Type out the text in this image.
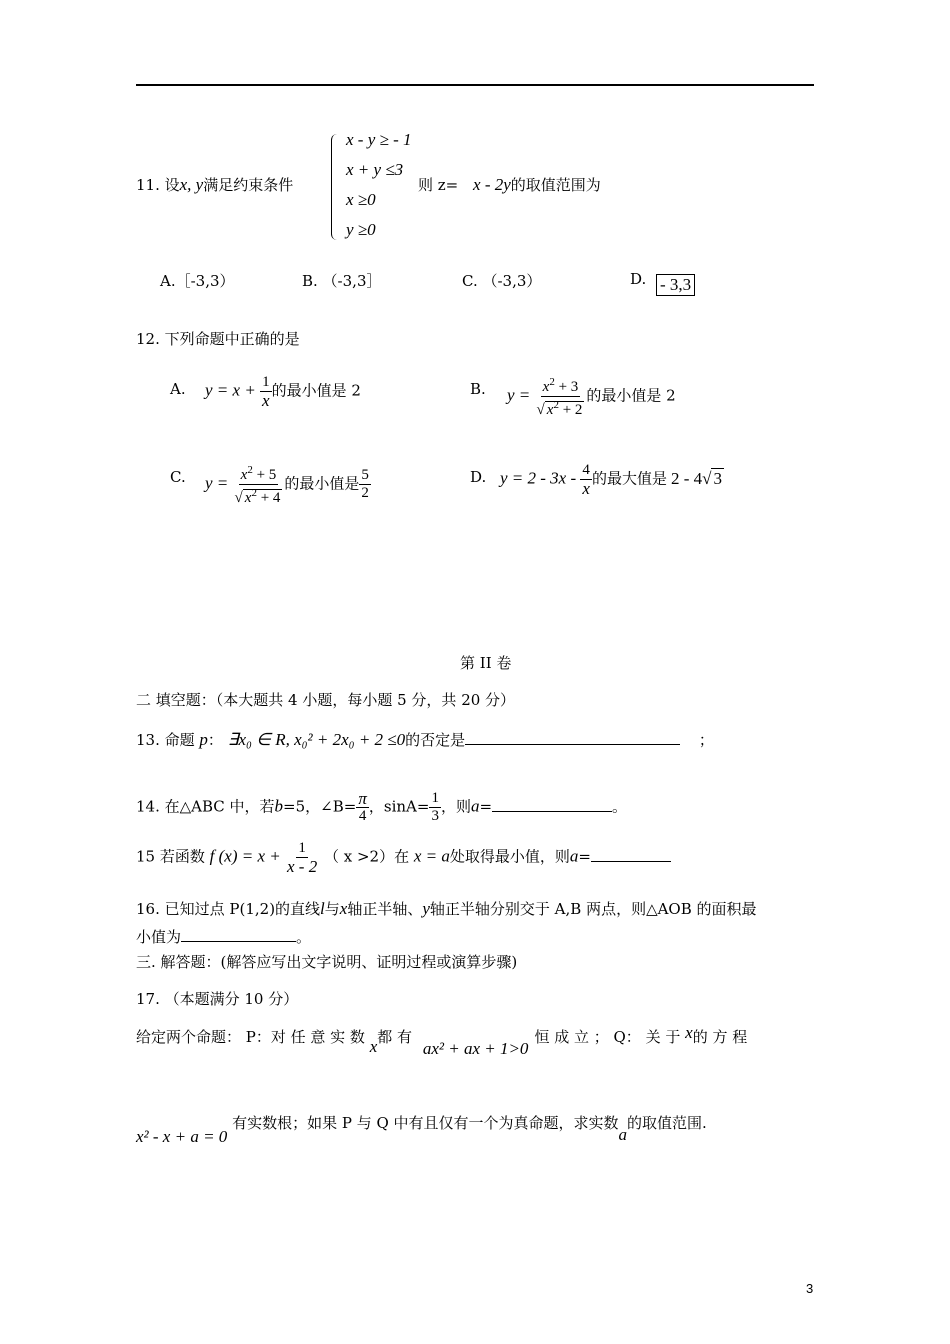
11. 设x, y满足约束条件
x - y ≥ - 1
x + y ≤3
x ≥0
y ≥0
则 z= x - 2y的取值范围为
A.［-3,3）	B. （-3,3］	C. （-3,3）	D. - 3,3
12. 下列命题中正确的是
A. $y = x + \frac{1}{x}$ 的最小值是 2	B. $y = \frac{x^2 + 3}{√ x^2 + 2}$ 的最小值是 2
C. $y = \frac{x^2 + 5}{√ x^2 + 4}$ 的最小值是 $\frac{5}{2}$	D. $y = 2 - 3x - \frac{4}{x}$ 的最大值是 2 - 4√ 3
第 II 卷
二 填空题：（本大题共 4 小题，每小题 5 分，共 20 分）
13. 命题 p： ∃x₀ ∈ R, x₀² + 2x₀ + 2 ≤0的否定是	；
14. 在△ABC 中，若b=5，∠B= $\frac{\pi}{4}$ ，$\sin A= \frac{1}{3}$ ，则a=	。
15 若函数 f $(x) = x + \frac{1}{x - 2}$ （ x >2）在 x = a处取得最小值，则a=
16. 已知过点 P(1,2)的直线l与x轴正半轴、y轴正半轴分别交于 A,B 两点，则△AOB 的面积最
小值为	。
三. 解答题：(解答应写出文字说明、证明过程或演算步骤)
17. （本题满分 10 分）
给定两个命题： P：对 任 意 实 数 x都 有 ax² + ax + 1>0恒 成 立 ； Q： 关 于 x的 方 程
x² - x + a = 0 有实数根；如果 P 与 Q 中有且仅有一个为真命题，求实数a的取值范围.
3
